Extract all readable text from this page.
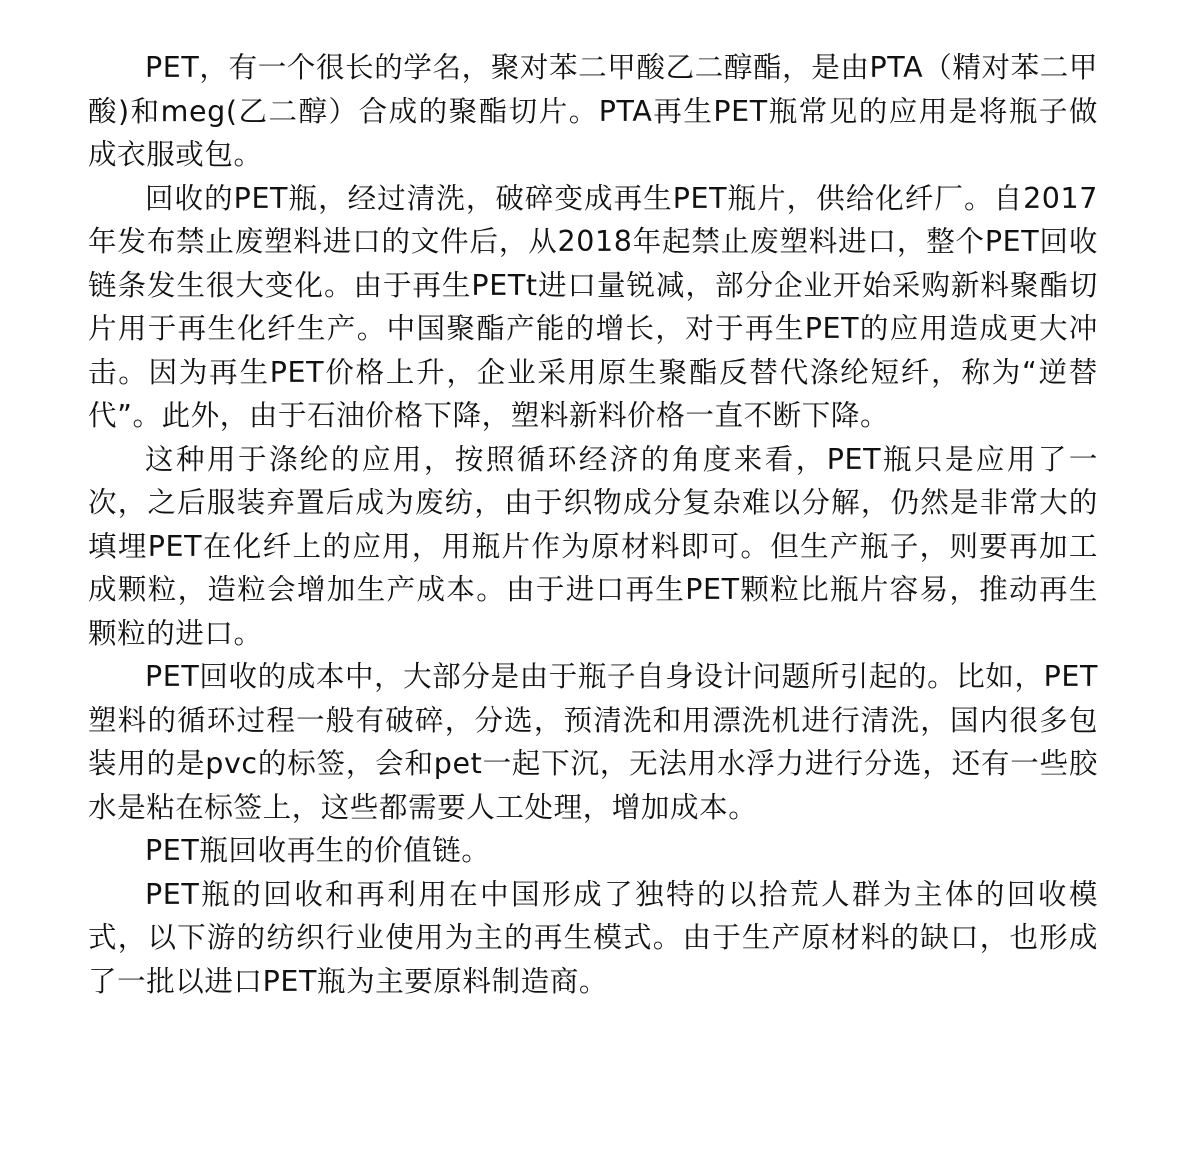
PET，有一个很长的学名，聚对苯二甲酸乙二醇酯，是由PTA（精对苯二甲酸)和meg(乙二醇）合成的聚酯切片。PTA再生PET瓶常见的应用是将瓶子做成衣服或包。

回收的PET瓶，经过清洗，破碎变成再生PET瓶片，供给化纤厂。自2017年发布禁止废塑料进口的文件后，从2018年起禁止废塑料进口，整个PET回收链条发生很大变化。由于再生PETt进口量锐减，部分企业开始采购新料聚酯切片用于再生化纤生产。中国聚酯产能的增长，对于再生PET的应用造成更大冲击。因为再生PET价格上升，企业采用原生聚酯反替代涤纶短纤，称为“逆替代”。此外，由于石油价格下降，塑料新料价格一直不断下降。

这种用于涤纶的应用，按照循环经济的角度来看，PET瓶只是应用了一次，之后服装弃置后成为废纺，由于织物成分复杂难以分解，仍然是非常大的填埋PET在化纤上的应用，用瓶片作为原材料即可。但生产瓶子，则要再加工成颗粒，造粒会增加生产成本。由于进口再生PET颗粒比瓶片容易，推动再生颗粒的进口。

PET回收的成本中，大部分是由于瓶子自身设计问题所引起的。比如，PET塑料的循环过程一般有破碎，分选，预清洗和用漂洗机进行清洗，国内很多包装用的是pvc的标签，会和pet一起下沉，无法用水浮力进行分选，还有一些胶水是粘在标签上，这些都需要人工处理，增加成本。

PET瓶回收再生的价值链。

PET瓶的回收和再利用在中国形成了独特的以拾荒人群为主体的回收模式，以下游的纺织行业使用为主的再生模式。由于生产原材料的缺口，也形成了一批以进口PET瓶为主要原料制造商。
